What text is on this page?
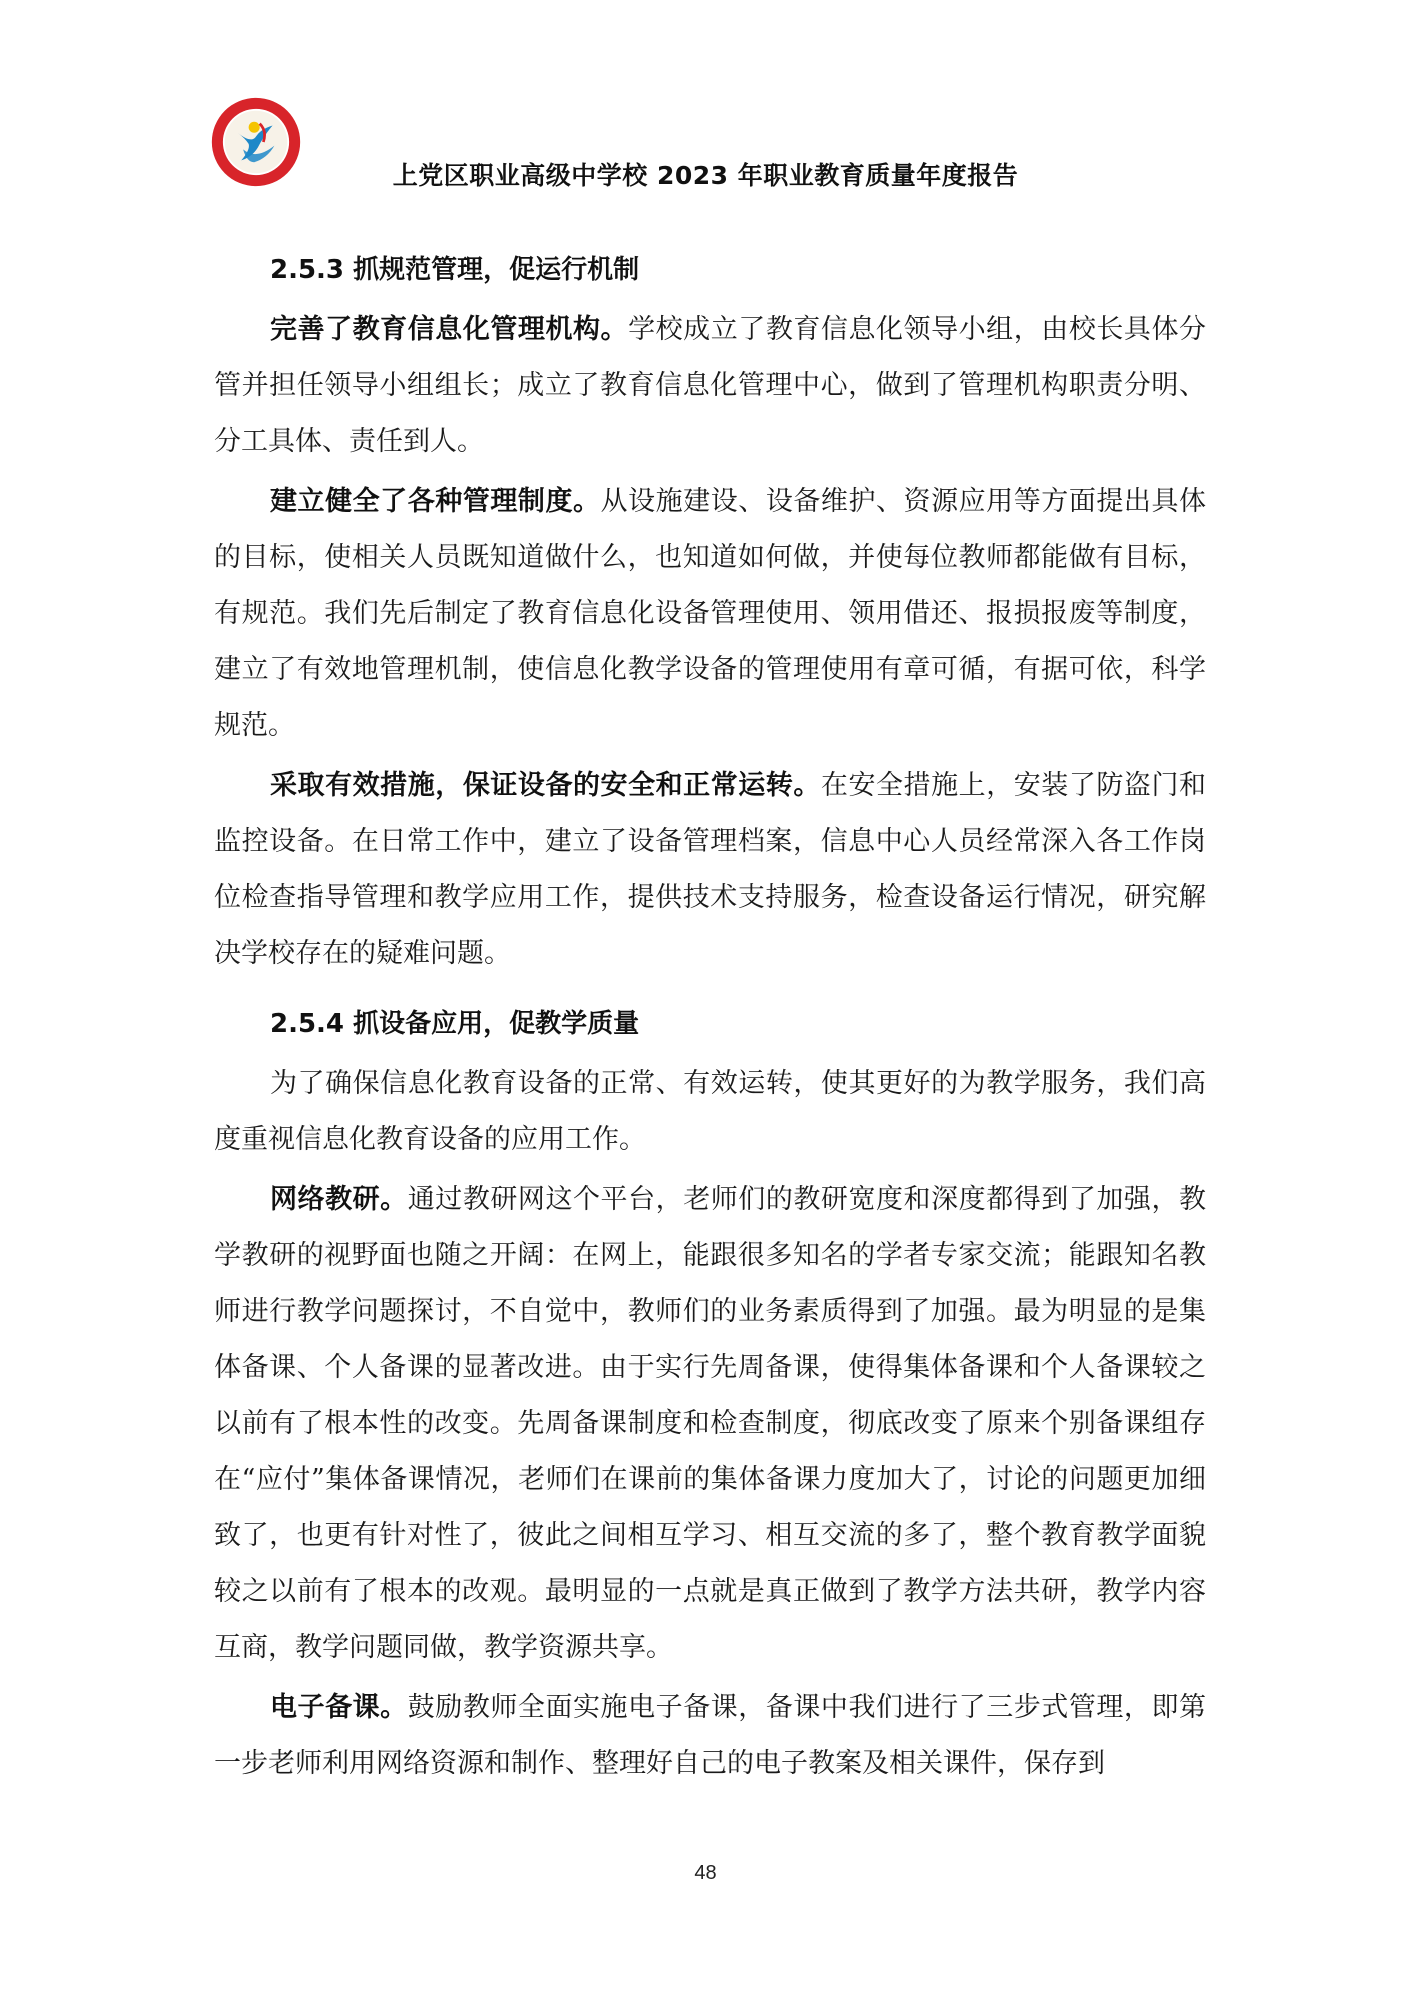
上党区职业高级中学校 2023 年职业教育质量年度报告
2.5.3 抓规范管理，促运行机制

完善了教育信息化管理机构。学校成立了教育信息化领导小组，由校长具体分管并担任领导小组组长；成立了教育信息化管理中心，做到了管理机构职责分明、分工具体、责任到人。

建立健全了各种管理制度。从设施建设、设备维护、资源应用等方面提出具体的目标，使相关人员既知道做什么，也知道如何做，并使每位教师都能做有目标，有规范。我们先后制定了教育信息化设备管理使用、领用借还、报损报废等制度，建立了有效地管理机制，使信息化教学设备的管理使用有章可循，有据可依，科学规范。

采取有效措施，保证设备的安全和正常运转。在安全措施上，安装了防盗门和监控设备。在日常工作中，建立了设备管理档案，信息中心人员经常深入各工作岗位检查指导管理和教学应用工作，提供技术支持服务，检查设备运行情况，研究解决学校存在的疑难问题。

2.5.4 抓设备应用，促教学质量

为了确保信息化教育设备的正常、有效运转，使其更好的为教学服务，我们高度重视信息化教育设备的应用工作。

网络教研。通过教研网这个平台，老师们的教研宽度和深度都得到了加强，教学教研的视野面也随之开阔：在网上，能跟很多知名的学者专家交流；能跟知名教师进行教学问题探讨，不自觉中，教师们的业务素质得到了加强。最为明显的是集体备课、个人备课的显著改进。由于实行先周备课，使得集体备课和个人备课较之以前有了根本性的改变。先周备课制度和检查制度，彻底改变了原来个别备课组存在“应付”集体备课情况，老师们在课前的集体备课力度加大了，讨论的问题更加细致了，也更有针对性了，彼此之间相互学习、相互交流的多了，整个教育教学面貌较之以前有了根本的改观。最明显的一点就是真正做到了教学方法共研，教学内容互商，教学问题同做，教学资源共享。

电子备课。鼓励教师全面实施电子备课，备课中我们进行了三步式管理，即第一步老师利用网络资源和制作、整理好自己的电子教案及相关课件，保存到

48
